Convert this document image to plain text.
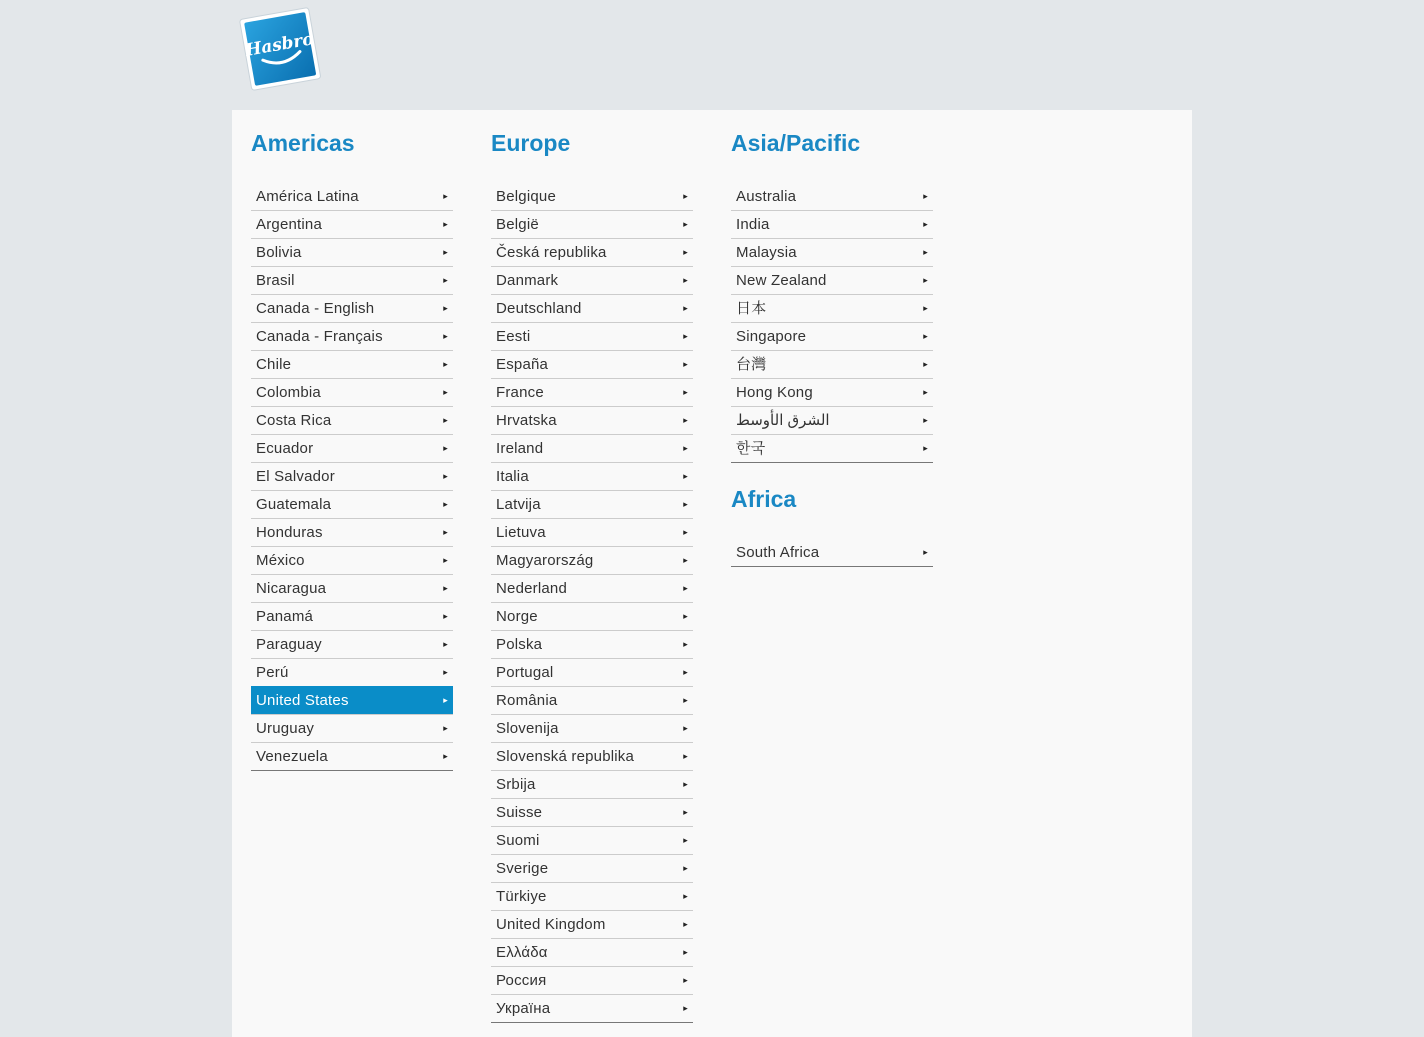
Hasbro
Americas
América Latina	▸
Argentina	▸
Bolivia	▸
Brasil	▸
Canada - English	▸
Canada - Français	▸
Chile	▸
Colombia	▸
Costa Rica	▸
Ecuador	▸
El Salvador	▸
Guatemala	▸
Honduras	▸
México	▸
Nicaragua	▸
Panamá	▸
Paraguay	▸
Perú	▸
United States	▸
Uruguay	▸
Venezuela	▸
Europe
Belgique	▸
België	▸
Česká republika	▸
Danmark	▸
Deutschland	▸
Eesti	▸
España	▸
France	▸
Hrvatska	▸
Ireland	▸
Italia	▸
Latvija	▸
Lietuva	▸
Magyarország	▸
Nederland	▸
Norge	▸
Polska	▸
Portugal	▸
România	▸
Slovenija	▸
Slovenská republika	▸
Srbija	▸
Suisse	▸
Suomi	▸
Sverige	▸
Türkiye	▸
United Kingdom	▸
Ελλάδα	▸
Россия	▸
Україна	▸
Asia/Pacific
Australia	▸
India	▸
Malaysia	▸
New Zealand	▸
日本	▸
Singapore	▸
台灣	▸
Hong Kong	▸
الشرق الأوسط	▸
한국	▸
Africa
South Africa	▸
